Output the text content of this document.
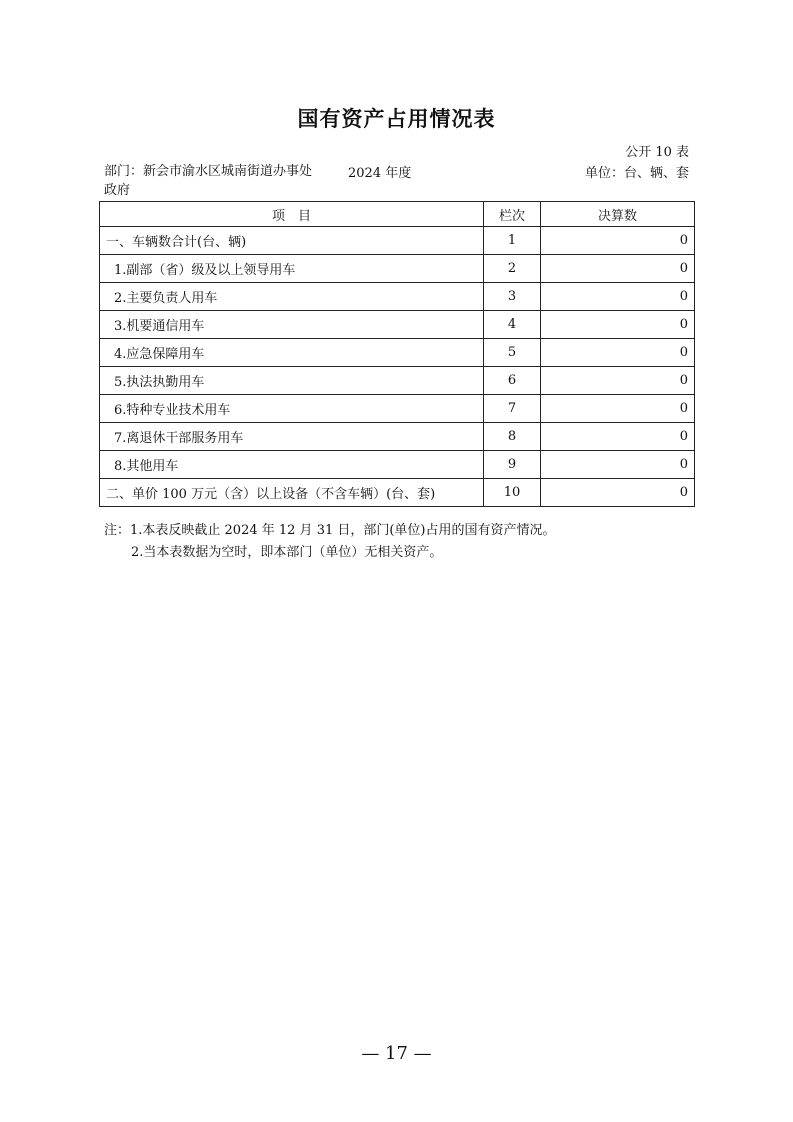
国有资产占用情况表
公开 10 表
部门：新会市渝水区城南街道办事处政府
2024 年度	单位：台、辆、套
项　目	栏次	决算数
一、车辆数合计(台、辆)	1	0
1.副部（省）级及以上领导用车	2	0
2.主要负责人用车	3	0
3.机要通信用车	4	0
4.应急保障用车	5	0
5.执法执勤用车	6	0
6.特种专业技术用车	7	0
7.离退休干部服务用车	8	0
8.其他用车	9	0
二、单价 100 万元（含）以上设备（不含车辆）(台、套)	10	0
注：1.本表反映截止 2024 年 12 月 31 日，部门(单位)占用的国有资产情况。
2.当本表数据为空时，即本部门（单位）无相关资产。
— 17 —
